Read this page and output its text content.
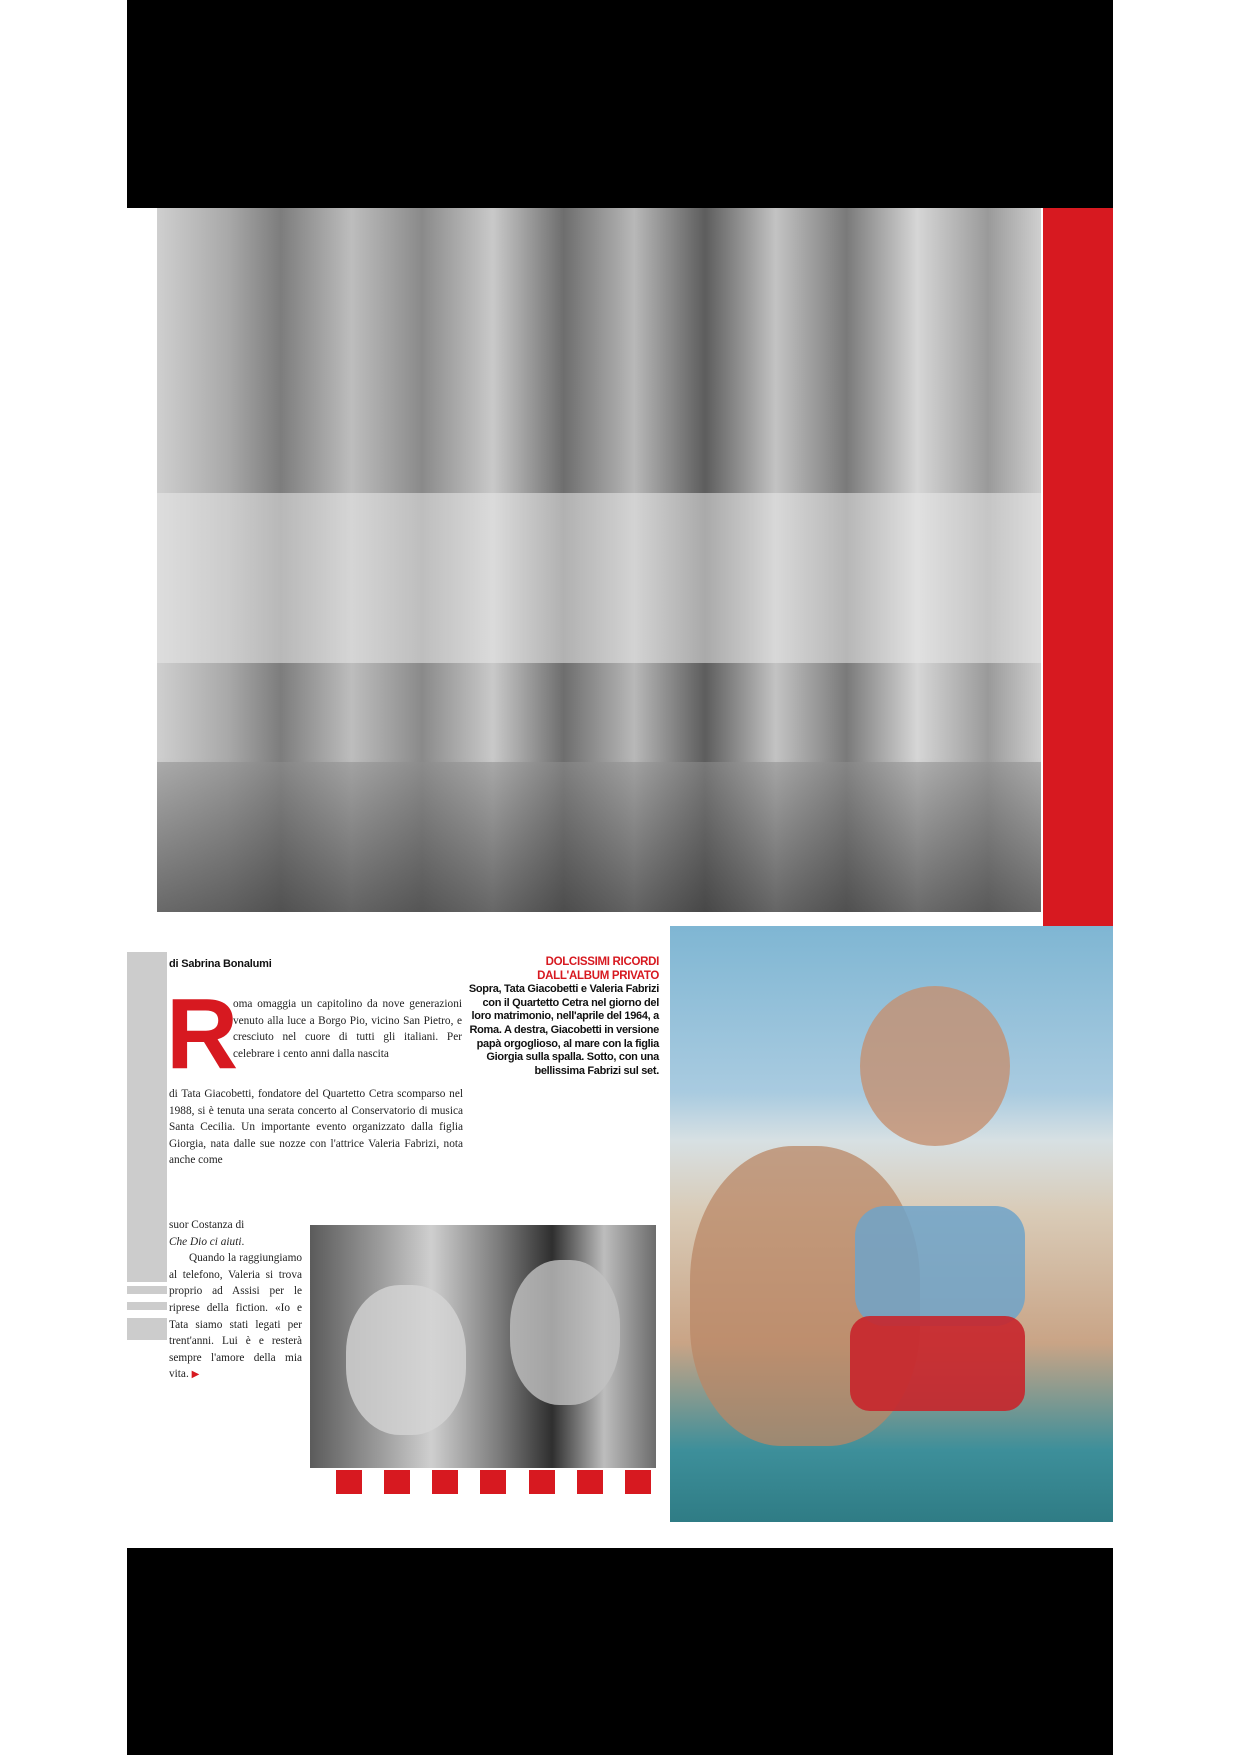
di Sabrina Bonalumi
R

oma omaggia un capitolino da nove generazioni venuto alla luce a Borgo Pio, vicino San Pietro, e cresciuto nel cuore di tutti gli italiani. Per celebrare i cento anni dalla nascita

di Tata Giacobetti, fondatore del Quartetto Cetra scomparso nel 1988, si è tenuta una serata concerto al Conservatorio di musica Santa Cecilia. Un importante evento organizzato dalla figlia Giorgia, nata dalle sue nozze con l'attrice Valeria Fabrizi, nota anche come

suor Costanza di
Che Dio ci aiuti.

Quando la raggiungiamo al telefono, Valeria si trova proprio ad Assisi per le riprese della fiction. «Io e Tata siamo stati legati per trent'anni. Lui è e resterà sempre l'amore della mia vita. ▶

DOLCISSIMI RICORDI
DALL'ALBUM PRIVATO
Sopra, Tata Giacobetti e Valeria Fabrizi con il Quartetto Cetra nel giorno del loro matrimonio, nell'aprile del 1964, a Roma. A destra, Giacobetti in versione papà orgoglioso, al mare con la figlia Giorgia sulla spalla. Sotto, con una bellissima Fabrizi sul set.
